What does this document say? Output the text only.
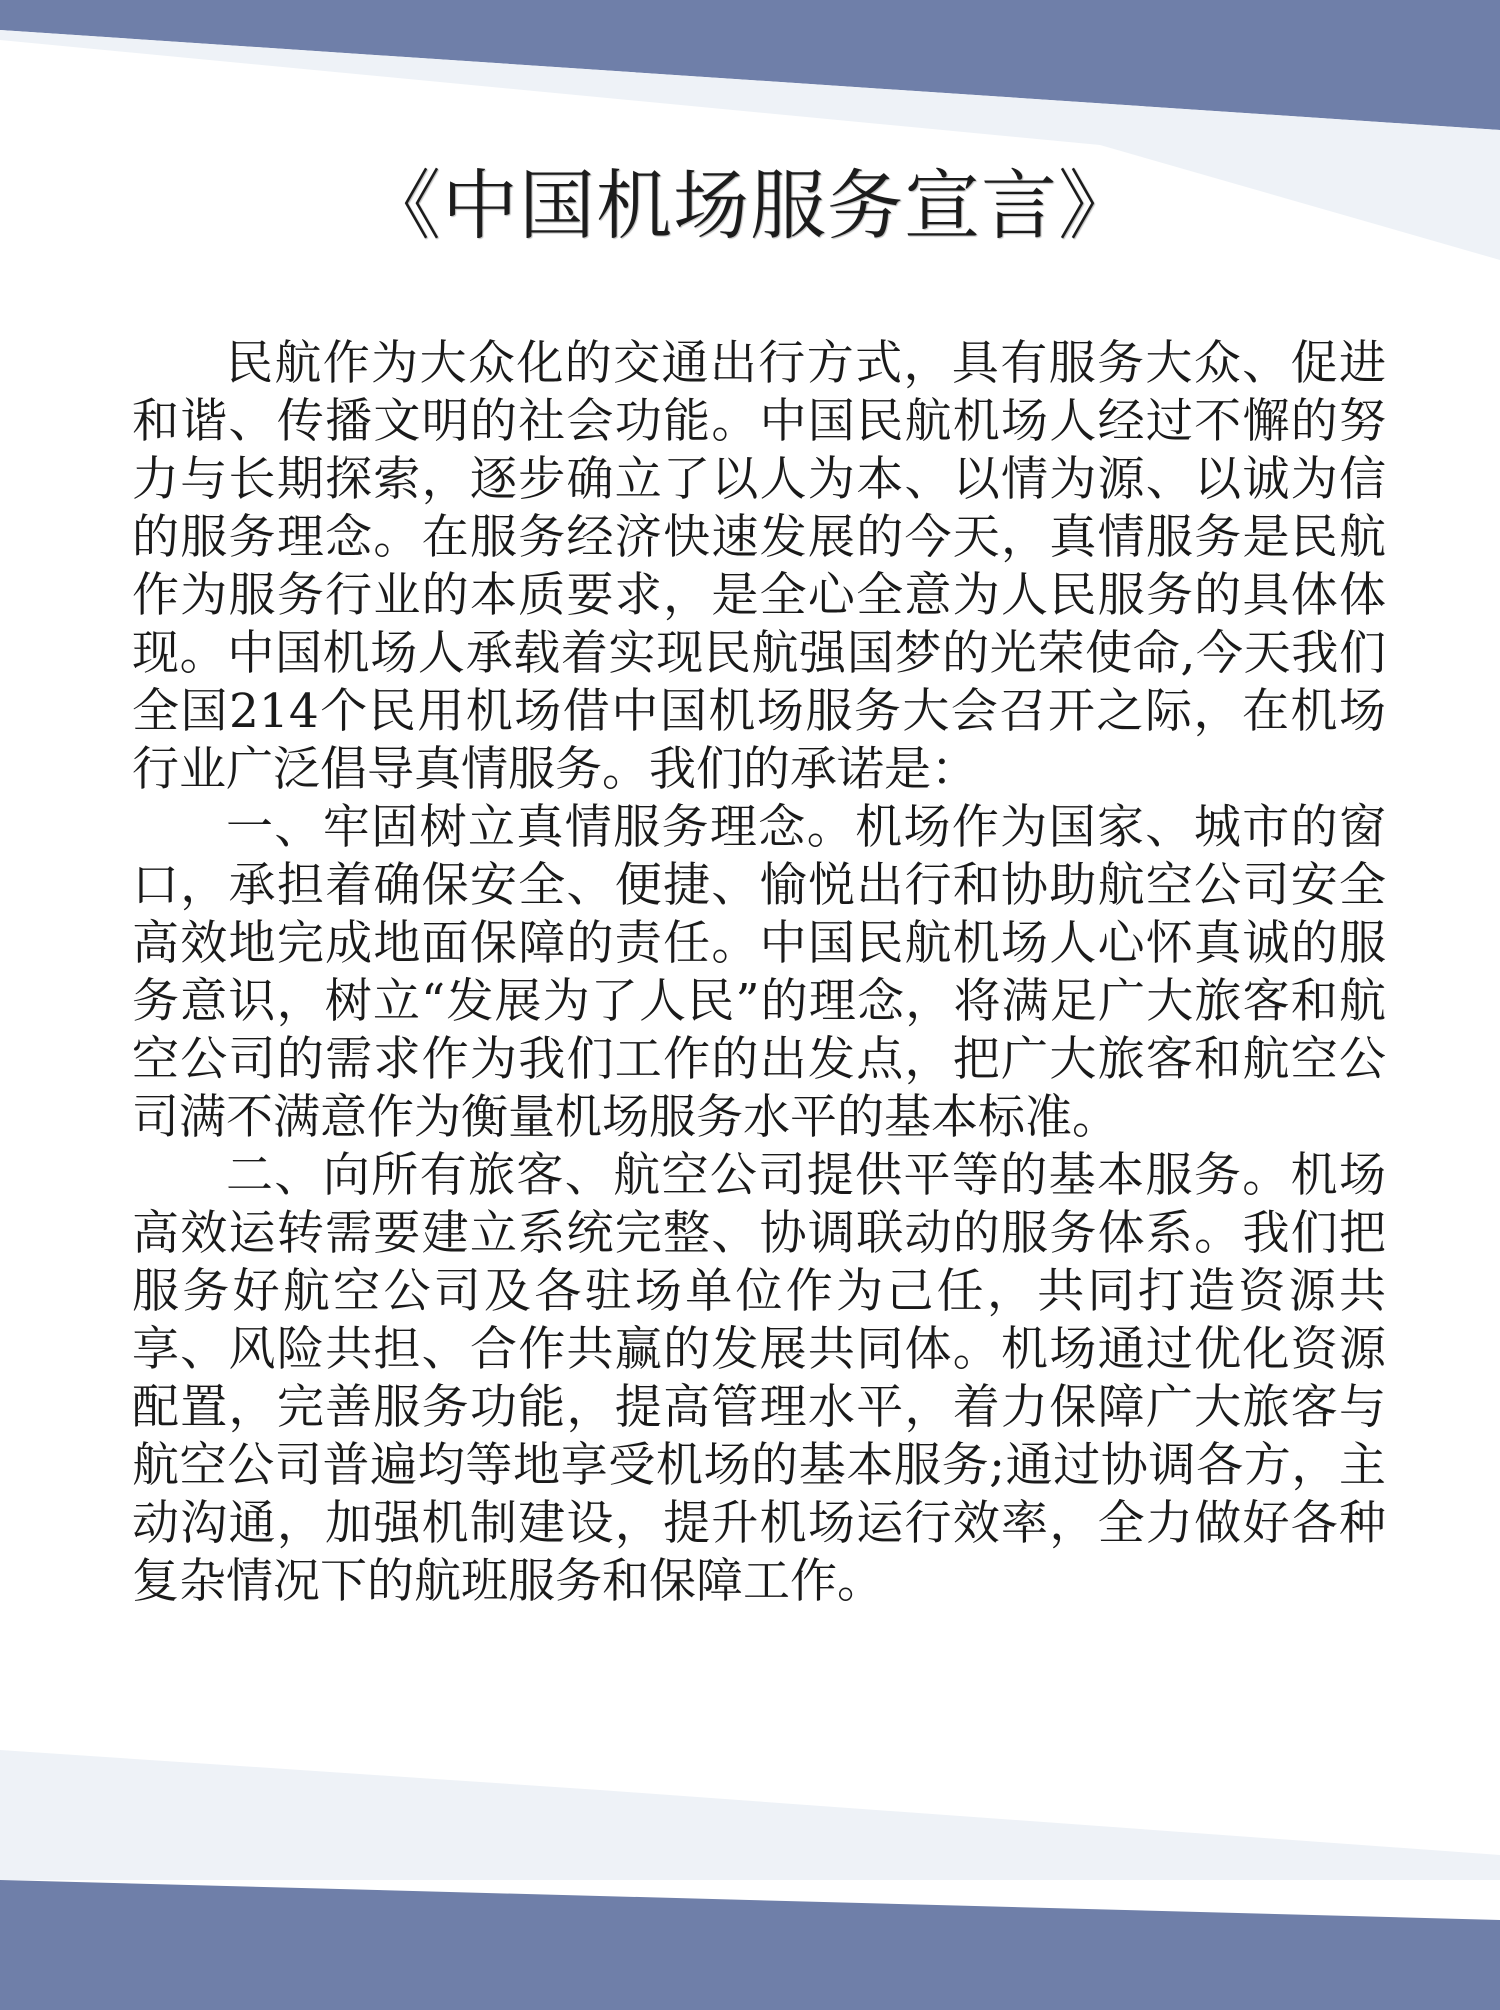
《中国机场服务宣言》

民航作为大众化的交通出行方式，具有服务大众、促进和谐、传播文明的社会功能。中国民航机场人经过不懈的努力与长期探索，逐步确立了以人为本、以情为源、以诚为信的服务理念。在服务经济快速发展的今天，真情服务是民航作为服务行业的本质要求，是全心全意为人民服务的具体体现。中国机场人承载着实现民航强国梦的光荣使命,今天我们全国214个民用机场借中国机场服务大会召开之际，在机场行业广泛倡导真情服务。我们的承诺是：

一、牢固树立真情服务理念。机场作为国家、城市的窗口，承担着确保安全、便捷、愉悦出行和协助航空公司安全高效地完成地面保障的责任。中国民航机场人心怀真诚的服务意识，树立“发展为了人民”的理念，将满足广大旅客和航空公司的需求作为我们工作的出发点，把广大旅客和航空公司满不满意作为衡量机场服务水平的基本标准。

二、向所有旅客、航空公司提供平等的基本服务。机场高效运转需要建立系统完整、协调联动的服务体系。我们把服务好航空公司及各驻场单位作为己任，共同打造资源共享、风险共担、合作共赢的发展共同体。机场通过优化资源配置，完善服务功能，提高管理水平，着力保障广大旅客与航空公司普遍均等地享受机场的基本服务;通过协调各方，主动沟通，加强机制建设，提升机场运行效率，全力做好各种复杂情况下的航班服务和保障工作。
